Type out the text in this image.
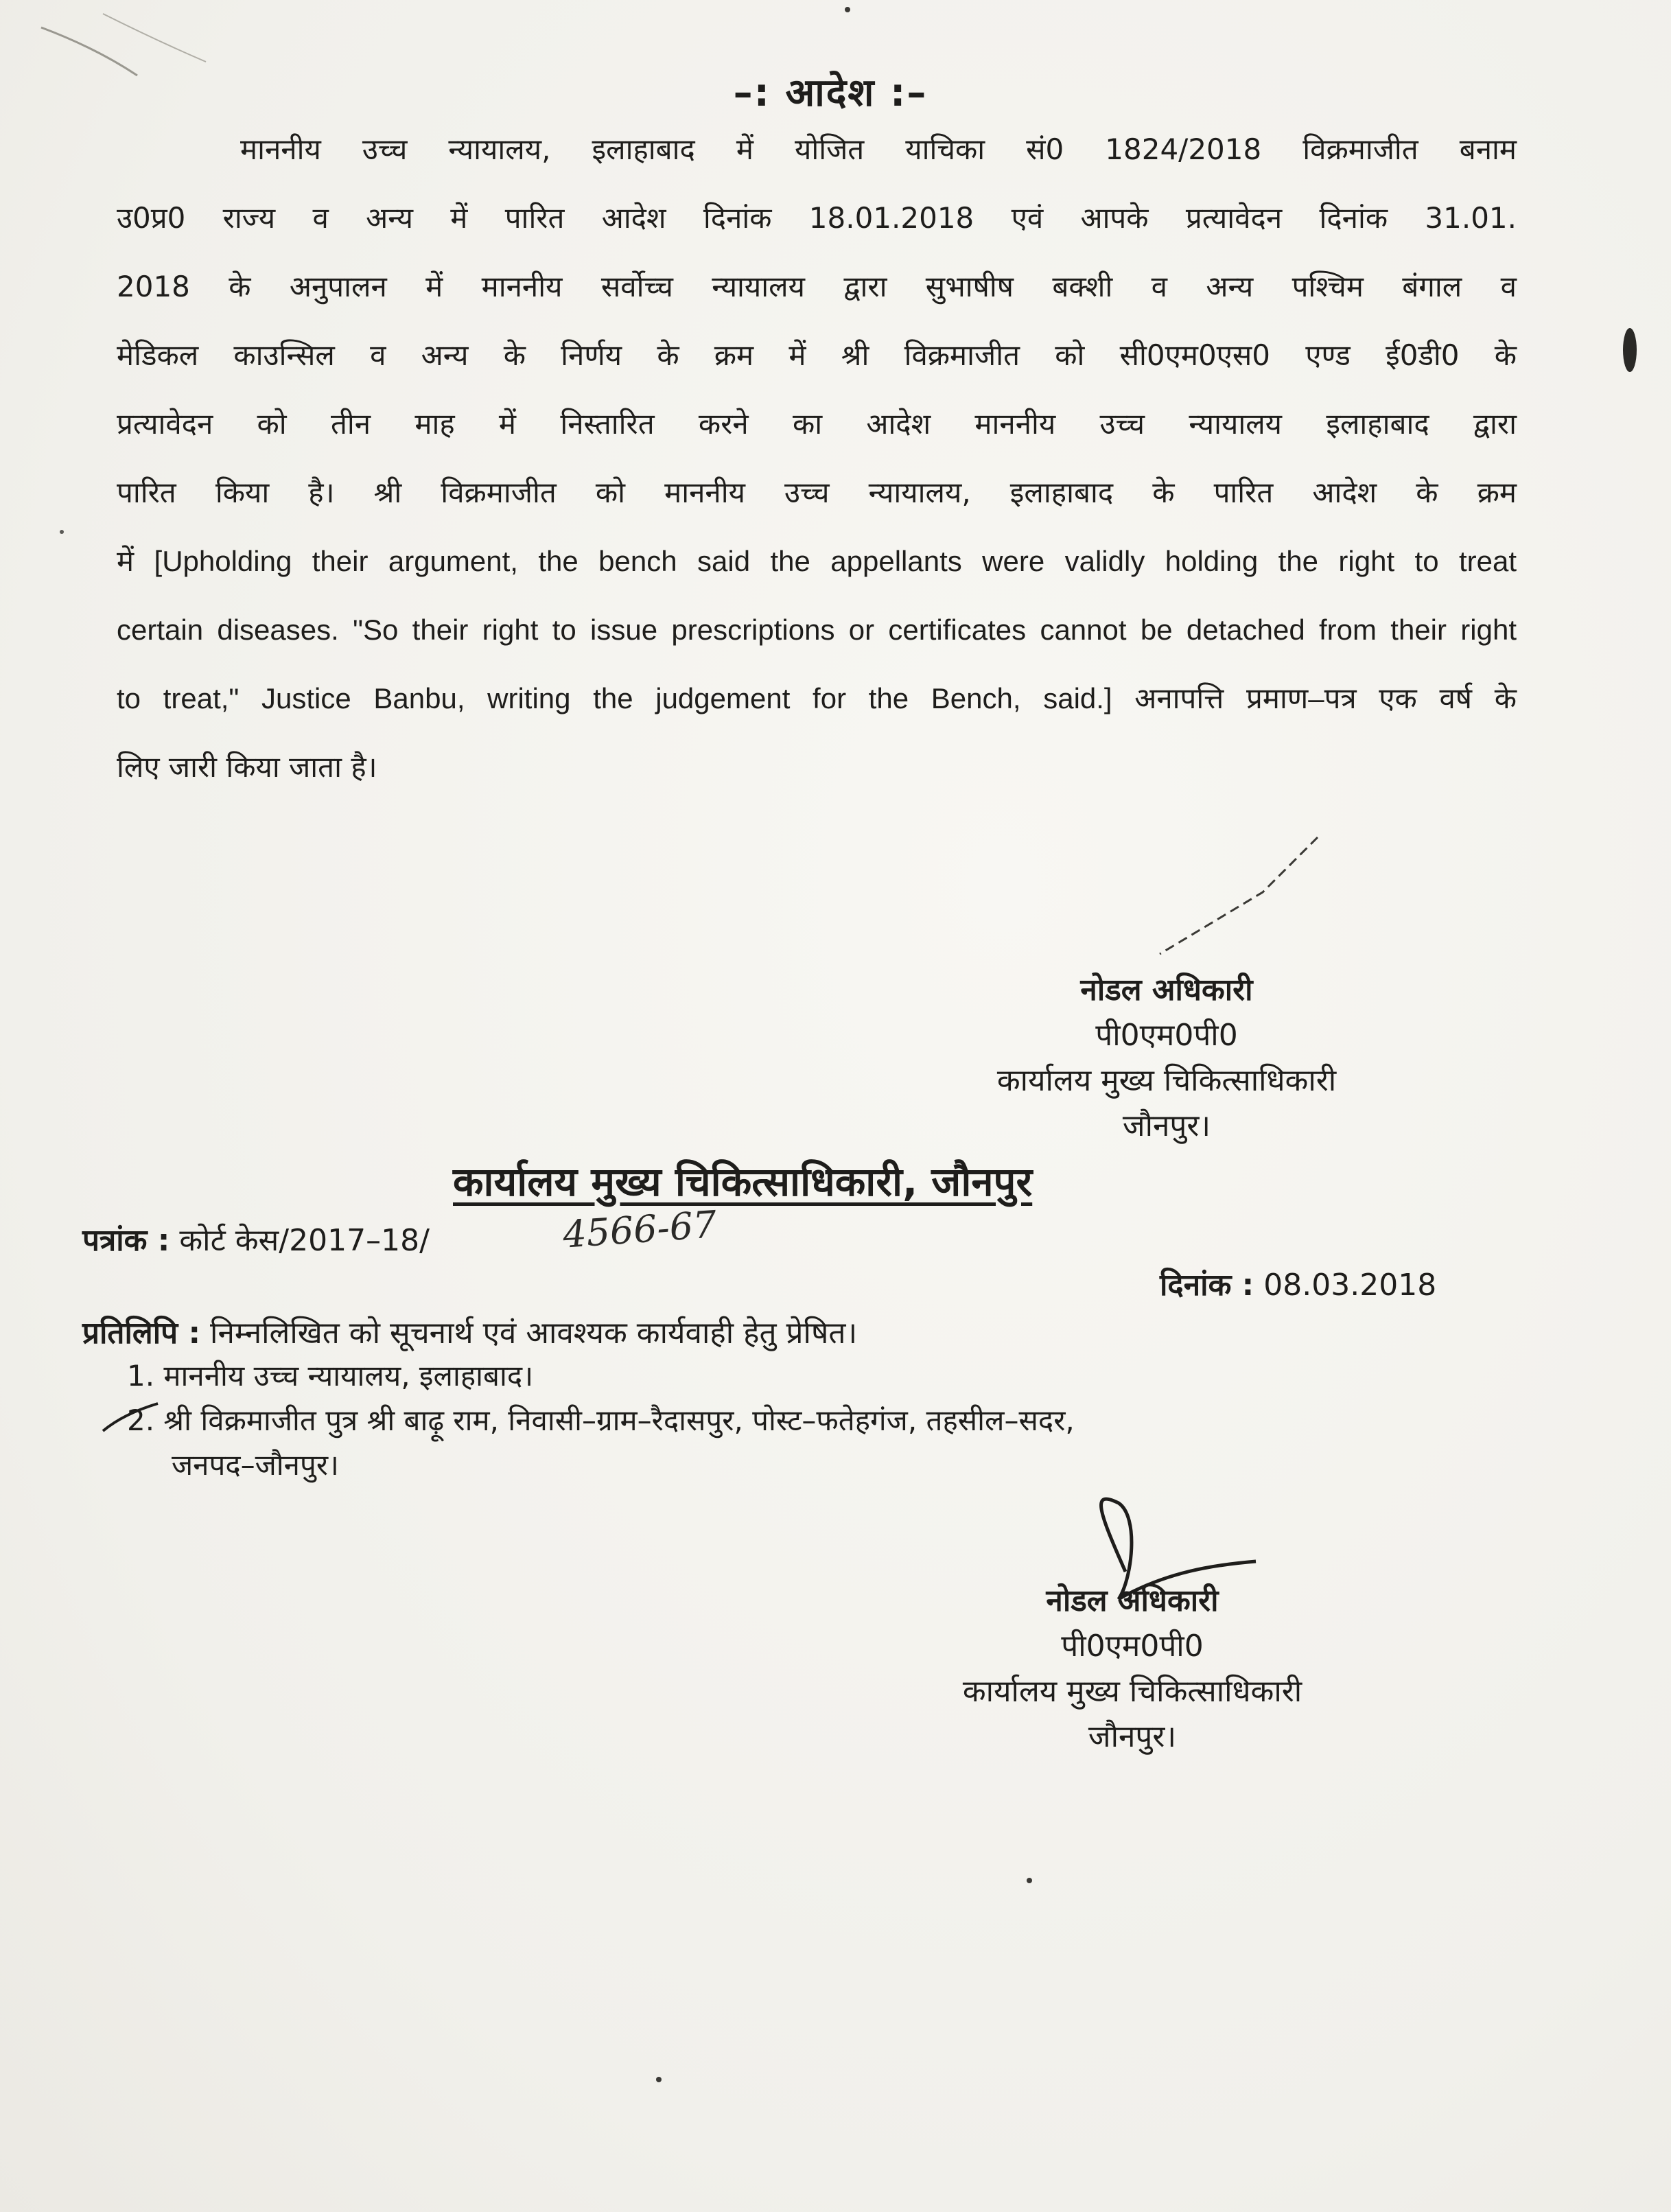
–: आदेश :–
माननीय उच्च न्यायालय, इलाहाबाद में योजित याचिका सं0 1824/2018 विक्रमाजीत बनाम
उ0प्र0 राज्य व अन्य में पारित आदेश दिनांक 18.01.2018 एवं आपके प्रत्यावेदन दिनांक 31.01.
2018 के अनुपालन में माननीय सर्वोच्च न्यायालय द्वारा सुभाषीष बक्शी व अन्य पश्चिम बंगाल व
मेडिकल काउन्सिल व अन्य के निर्णय के क्रम में श्री विक्रमाजीत को सी0एम0एस0 एण्ड ई0डी0 के
प्रत्यावेदन को तीन माह में निस्तारित करने का आदेश माननीय उच्च न्यायालय इलाहाबाद द्वारा
पारित किया है। श्री विक्रमाजीत को माननीय उच्च न्यायालय, इलाहाबाद के पारित आदेश के क्रम
में [Upholding their argument, the bench said the appellants were validly holding the right to treat
certain diseases. "So their right to issue prescriptions or certificates cannot be detached from their right
to treat," Justice Banbu, writing the judgement for the Bench, said.] अनापत्ति प्रमाण–पत्र एक वर्ष के
लिए जारी किया जाता है।
नोडल अधिकारी
पी0एम0पी0
कार्यालय मुख्य चिकित्साधिकारी
जौनपुर।
कार्यालय मुख्य चिकित्साधिकारी, जौनपुर
पत्रांक : कोर्ट केस/2017–18/	4566-67
दिनांक : 08.03.2018
प्रतिलिपि : निम्नलिखित को सूचनार्थ एवं आवश्यक कार्यवाही हेतु प्रेषित।
1. माननीय उच्च न्यायालय, इलाहाबाद।
2. श्री विक्रमाजीत पुत्र श्री बाढ़ू राम, निवासी–ग्राम–रैदासपुर, पोस्ट–फतेहगंज, तहसील–सदर,
जनपद–जौनपुर।
नोडल अधिकारी
पी0एम0पी0
कार्यालय मुख्य चिकित्साधिकारी
जौनपुर।
